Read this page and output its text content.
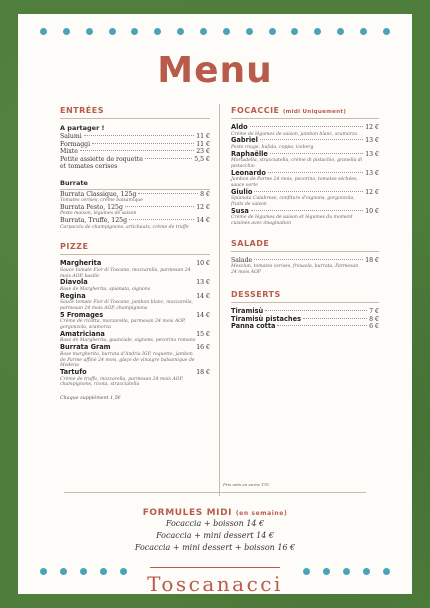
Menu
ENTRÉES
A partager !
Salumi	11 €
Formaggi	11 €
Mixte	23 €
Petite assiette de roquette	5,5 €
et tomates cerises
Burrate
Burrata Classique, 125g	8 €
Tomates cerises, crème balsamique
Burrata Pesto, 125g	12 €
Pesto maison, légumes de saison
Burrata, Truffe, 125g	14 €
Carpaccio de champignons, artichauts, crème de truffe
PIZZE
Margherita	10 €
Sauce tomate Fior di Toscane, mozzarella, parmesan 24 mois AOP, basilic
Diavola	13 €
Base de Margherita, spianata, oignons
Regina	14 €
Sauce tomate Fior di Toscane, jambon blanc, mozzarella, parmesan 24 mois AOP, champignons
5 Fromages	14 €
Crème de ricotta, mozzarella, parmesan 24 mois AOP, gorgonzola, scamorza
Amatriciana	15 €
Base de Margherita, guanciale, oignons, pecorino romano
Burrata Gram	16 €
Base margherita, burrata d'Andria IGP, roquette, jambon de Parme affiné 24 mois, glaçe de vinaigre balsamique de Modena
Tartufo	18 €
Crème de truffe, mozzarella, parmesan 24 mois AOP, champignons, ricota, stracciatella
Chaque supplément 1,5€
FOCACCIE (midi Uniquement)
Aldo	12 €
Crème de légumes de saison, jambon blanc, scamorza
Gabriel	13 €
Pesto rouge, bufala, coppa, iceberg
Raphaëlle	13 €
Mortadella, stracciatella, crème di pistachio, granella di pistacchio
Leonardo	13 €
Jambon de Parme 24 mois, pecorino, tomates séchées, sauce verte
Giulio	12 €
Spianata Calabrese, confiture d'oignons, gorgonzola, fruits de saison
Susa	10 €
Crème de légumes de saison et légumes du moment cuisinés avec imagination
SALADE
Salade	18 €
Mesclun, tomates cerises, fresaola, burrata, Parmesan 24 mois AOP
DESSERTS
Tiramisù	7 €
Tiramisù pistaches	8 €
Panna cotta	6 €
Prix nets en euros TTC
FORMULES MIDI (en semaine)
Focaccia + boisson 14 €
Focaccia + mini dessert 14 €
Focaccia + mini dessert + boisson 16 €
Toscanacci
